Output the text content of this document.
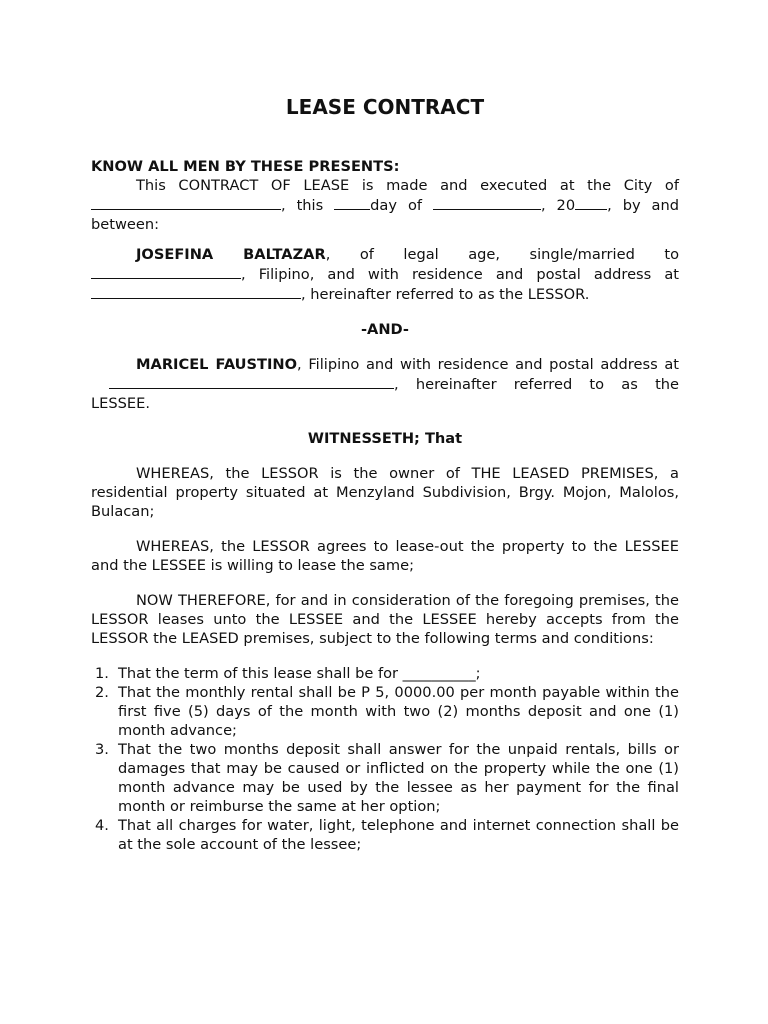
LEASE CONTRACT

KNOW ALL MEN BY THESE PRESENTS:

This CONTRACT OF LEASE is made and executed at the City of , this	day of	, 20 , by and between:

JOSEFINA BALTAZAR, of legal age, single/married to , Filipino, and with residence and postal address at , hereinafter referred to as the LESSOR.

-AND-

MARICEL FAUSTINO, Filipino and with residence and postal address at , hereinafter referred to as the LESSEE.

WITNESSETH; That

WHEREAS, the LESSOR is the owner of THE LEASED PREMISES, a residential property situated at Menzyland Subdivision, Brgy. Mojon, Malolos, Bulacan;

WHEREAS, the LESSOR agrees to lease-out the property to the LESSEE and the LESSEE is willing to lease the same;

NOW THEREFORE, for and in consideration of the foregoing premises, the LESSOR leases unto the LESSEE and the LESSEE hereby accepts from the LESSOR the LEASED premises, subject to the following terms and conditions:

1. That the term of this lease shall be for __________;
2. That the monthly rental shall be P 5, 0000.00 per month payable within the first five (5) days of the month with two (2) months deposit and one (1) month advance;
3. That the two months deposit shall answer for the unpaid rentals, bills or damages that may be caused or inflicted on the property while the one (1) month advance may be used by the lessee as her payment for the final month or reimburse the same at her option;
4. That all charges for water, light, telephone and internet connection shall be at the sole account of the lessee;
